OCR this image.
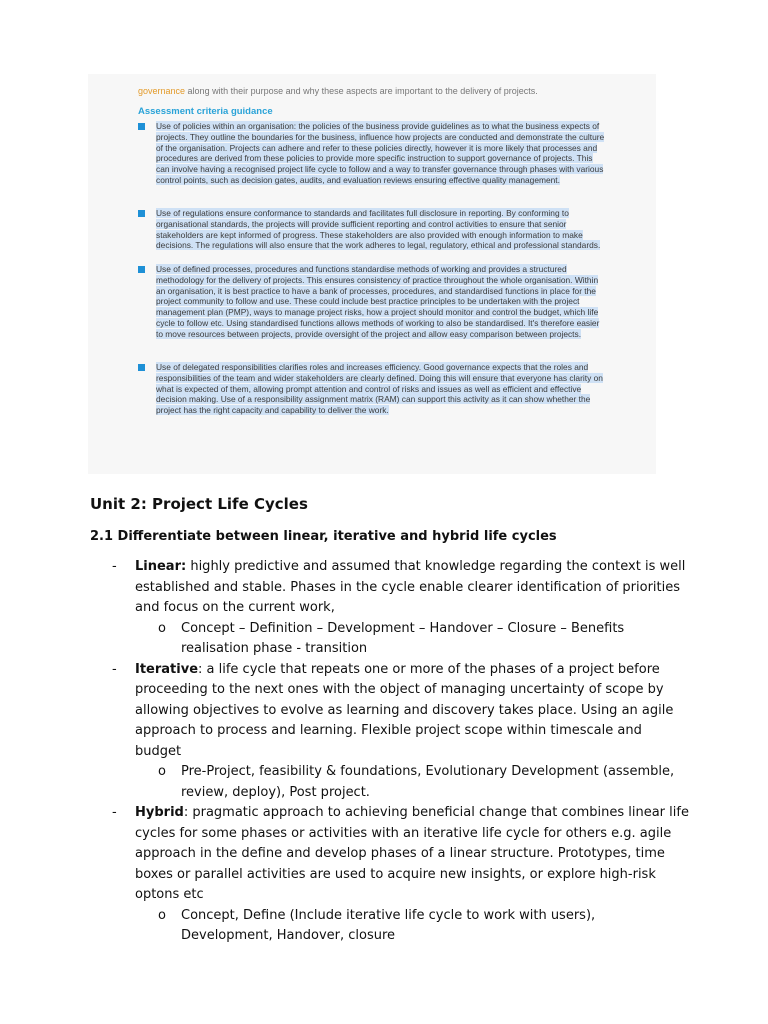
governance along with their purpose and why these aspects are important to the delivery of projects.
Assessment criteria guidance
Use of policies within an organisation: the policies of the business provide guidelines as to what the business expects of projects. They outline the boundaries for the business, influence how projects are conducted and demonstrate the culture of the organisation. Projects can adhere and refer to these policies directly, however it is more likely that processes and procedures are derived from these policies to provide more specific instruction to support governance of projects. This can involve having a recognised project life cycle to follow and a way to transfer governance through phases with various control points, such as decision gates, audits, and evaluation reviews ensuring effective quality management.
Use of regulations ensure conformance to standards and facilitates full disclosure in reporting. By conforming to organisational standards, the projects will provide sufficient reporting and control activities to ensure that senior stakeholders are kept informed of progress. These stakeholders are also provided with enough information to make decisions. The regulations will also ensure that the work adheres to legal, regulatory, ethical and professional standards.
Use of defined processes, procedures and functions standardise methods of working and provides a structured methodology for the delivery of projects. This ensures consistency of practice throughout the whole organisation. Within an organisation, it is best practice to have a bank of processes, procedures, and standardised functions in place for the project community to follow and use. These could include best practice principles to be undertaken with the project management plan (PMP), ways to manage project risks, how a project should monitor and control the budget, which life cycle to follow etc. Using standardised functions allows methods of working to also be standardised. It's therefore easier to move resources between projects, provide oversight of the project and allow easy comparison between projects.
Use of delegated responsibilities clarifies roles and increases efficiency. Good governance expects that the roles and responsibilities of the team and wider stakeholders are clearly defined. Doing this will ensure that everyone has clarity on what is expected of them, allowing prompt attention and control of risks and issues as well as efficient and effective decision making. Use of a responsibility assignment matrix (RAM) can support this activity as it can show whether the project has the right capacity and capability to deliver the work.
Unit 2: Project Life Cycles
2.1 Differentiate between linear, iterative and hybrid life cycles
- Linear: highly predictive and assumed that knowledge regarding the context is well established and stable. Phases in the cycle enable clearer identification of priorities and focus on the current work,
o Concept – Definition – Development – Handover – Closure – Benefits realisation phase - transition
- Iterative: a life cycle that repeats one or more of the phases of a project before proceeding to the next ones with the object of managing uncertainty of scope by allowing objectives to evolve as learning and discovery takes place. Using an agile approach to process and learning. Flexible project scope within timescale and budget
o Pre-Project, feasibility & foundations, Evolutionary Development (assemble, review, deploy), Post project.
- Hybrid: pragmatic approach to achieving beneficial change that combines linear life cycles for some phases or activities with an iterative life cycle for others e.g. agile approach in the define and develop phases of a linear structure. Prototypes, time boxes or parallel activities are used to acquire new insights, or explore high-risk optons etc
o Concept, Define (Include iterative life cycle to work with users), Development, Handover, closure
